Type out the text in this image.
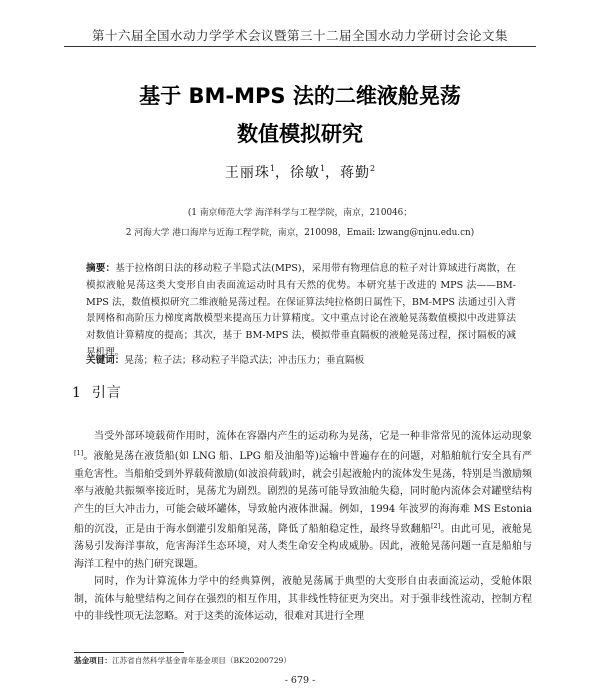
第十六届全国水动力学学术会议暨第三十二届全国水动力学研讨会论文集
基于 BM-MPS 法的二维液舱晃荡
数值模拟研究
王丽珠$^1$，徐敏$^1$，蒋勤$^2$
(1 南京师范大学 海洋科学与工程学院，南京，210046；
2 河海大学 港口海岸与近海工程学院，南京，210098，Email: lzwang@njnu.edu.cn)
摘要：基于拉格朗日法的移动粒子半隐式法(MPS)，采用带有物理信息的粒子对计算域进行离散，在模拟液舱晃荡这类大变形自由表面流运动时具有天然的优势。本研究基于改进的 MPS 法——BM-MPS 法，数值模拟研究二维液舱晃荡过程。在保证算法纯拉格朗日属性下，BM-MPS 法通过引入背景网格和高阶压力梯度离散模型来提高压力计算精度。文中重点讨论在液舱晃荡数值模拟中改进算法对数值计算精度的提高；其次，基于 BM-MPS 法，模拟带垂直隔板的液舱晃荡过程，探讨隔板的减晃机理。
关键词：晃荡；粒子法；移动粒子半隐式法；冲击压力；垂直隔板
1 引言

当受外部环境载荷作用时，流体在容器内产生的运动称为晃荡，它是一种非常常见的流体运动现象[1]。液舱晃荡在液货船(如 LNG 船、LPG 船及油船等)运输中普遍存在的问题，对船舶航行安全具有严重危害性。当船舶受到外界载荷激励(如波浪荷载)时，就会引起液舱内的流体发生晃荡，特别是当激励频率与液舱共振频率接近时，晃荡尤为剧烈。剧烈的晃荡可能导致油舱失稳，同时舱内流体会对罐壁结构产生的巨大冲击力，可能会破坏罐体，导致舱内液体泄漏。例如，1994 年波罗的海海难 MS Estonia 船的沉没，正是由于海水倒灌引发船舶晃荡，降低了船舶稳定性，最终导致翻船[2]。由此可见，液舱晃荡易引发海洋事故，危害海洋生态环境，对人类生命安全构成威胁。因此，液舱晃荡问题一直是船舶与海洋工程中的热门研究课题。

同时，作为计算流体力学中的经典算例，液舱晃荡属于典型的大变形自由表面流运动，受舱体限制，流体与舱壁结构之间存在强烈的相互作用，其非线性特征更为突出。对于强非线性流动，控制方程中的非线性项无法忽略。对于这类的流体运动，很难对其进行全理

基金项目：江苏省自然科学基金青年基金项目（BK20200729）
- 679 -
